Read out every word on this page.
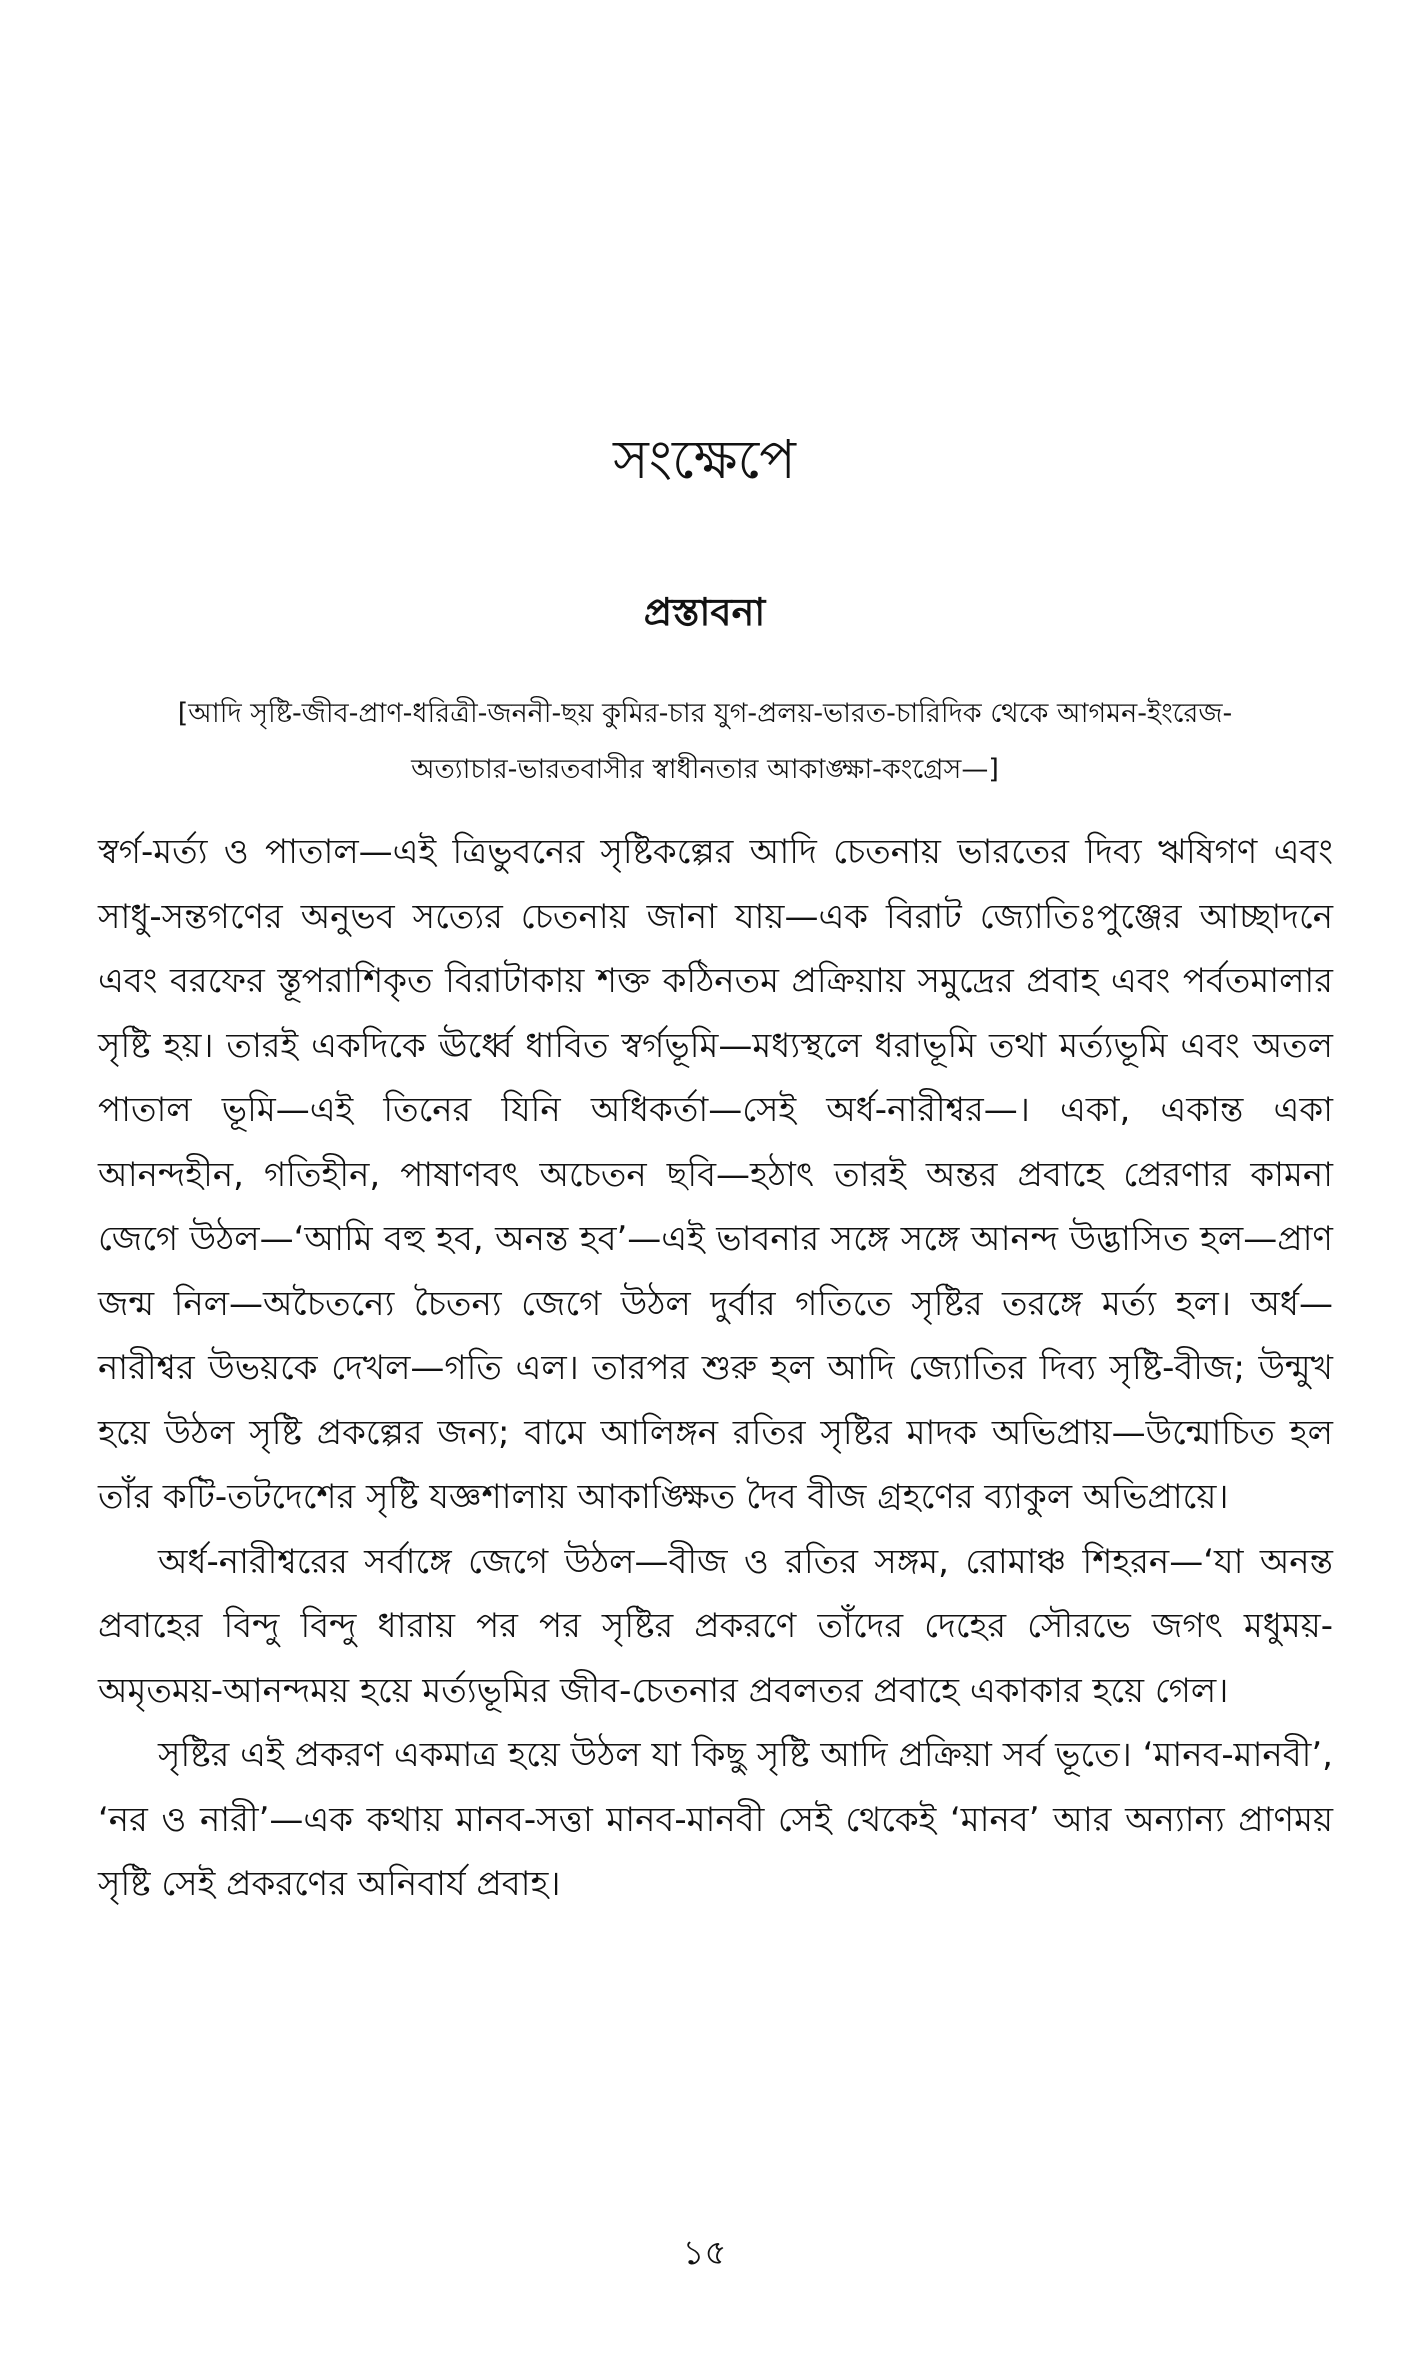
সংক্ষেপে
প্রস্তাবনা

[আদি সৃষ্টি-জীব-প্রাণ-ধরিত্রী-জননী-ছয় কুমির-চার যুগ-প্রলয়-ভারত-চারিদিক থেকে আগমন-ইংরেজ-অত্যাচার-ভারতবাসীর স্বাধীনতার আকাঙ্ক্ষা-কংগ্রেস—]

স্বর্গ-মর্ত্য ও পাতাল—এই ত্রিভুবনের সৃষ্টিকল্পের আদি চেতনায় ভারতের দিব্য ঋষিগণ এবং সাধু-সন্তগণের অনুভব সত্যের চেতনায় জানা যায়—এক বিরাট জ্যোতিঃপুঞ্জের আচ্ছাদনে এবং বরফের স্তূপরাশিকৃত বিরাটাকায় শক্ত কঠিনতম প্রক্রিয়ায় সমুদ্রের প্রবাহ এবং পর্বতমালার সৃষ্টি হয়। তারই একদিকে ঊর্ধ্বে ধাবিত স্বর্গভূমি—মধ্যস্থলে ধরাভূমি তথা মর্ত্যভূমি এবং অতল পাতাল ভূমি—এই তিনের যিনি অধিকর্তা—সেই অর্ধ-নারীশ্বর—। একা, একান্ত একা আনন্দহীন, গতিহীন, পাষাণবৎ অচেতন ছবি—হঠাৎ তারই অন্তর প্রবাহে প্রেরণার কামনা জেগে উঠল—‘আমি বহু হব, অনন্ত হব’—এই ভাবনার সঙ্গে সঙ্গে আনন্দ উদ্ভাসিত হল—প্রাণ জন্ম নিল—অচৈতন্যে চৈতন্য জেগে উঠল দুর্বার গতিতে সৃষ্টির তরঙ্গে মর্ত্য হল। অর্ধ—নারীশ্বর উভয়কে দেখল—গতি এল। তারপর শুরু হল আদি জ্যোতির দিব্য সৃষ্টি-বীজ; উন্মুখ হয়ে উঠল সৃষ্টি প্রকল্পের জন্য; বামে আলিঙ্গন রতির সৃষ্টির মাদক অভিপ্রায়—উন্মোচিত হল তাঁর কটি-তটদেশের সৃষ্টি যজ্ঞশালায় আকাঙ্ক্ষিত দৈব বীজ গ্রহণের ব্যাকুল অভিপ্রায়ে।

অর্ধ-নারীশ্বরের সর্বাঙ্গে জেগে উঠল—বীজ ও রতির সঙ্গম, রোমাঞ্চ শিহরন—‘যা অনন্ত প্রবাহের বিন্দু বিন্দু ধারায় পর পর সৃষ্টির প্রকরণে তাঁদের দেহের সৌরভে জগৎ মধুময়-অমৃতময়-আনন্দময় হয়ে মর্ত্যভূমির জীব-চেতনার প্রবলতর প্রবাহে একাকার হয়ে গেল।

সৃষ্টির এই প্রকরণ একমাত্র হয়ে উঠল যা কিছু সৃষ্টি আদি প্রক্রিয়া সর্ব ভূতে। ‘মানব-মানবী’, ‘নর ও নারী’—এক কথায় মানব-সত্তা মানব-মানবী সেই থেকেই ‘মানব’ আর অন্যান্য প্রাণময় সৃষ্টি সেই প্রকরণের অনিবার্য প্রবাহ।

১৫
